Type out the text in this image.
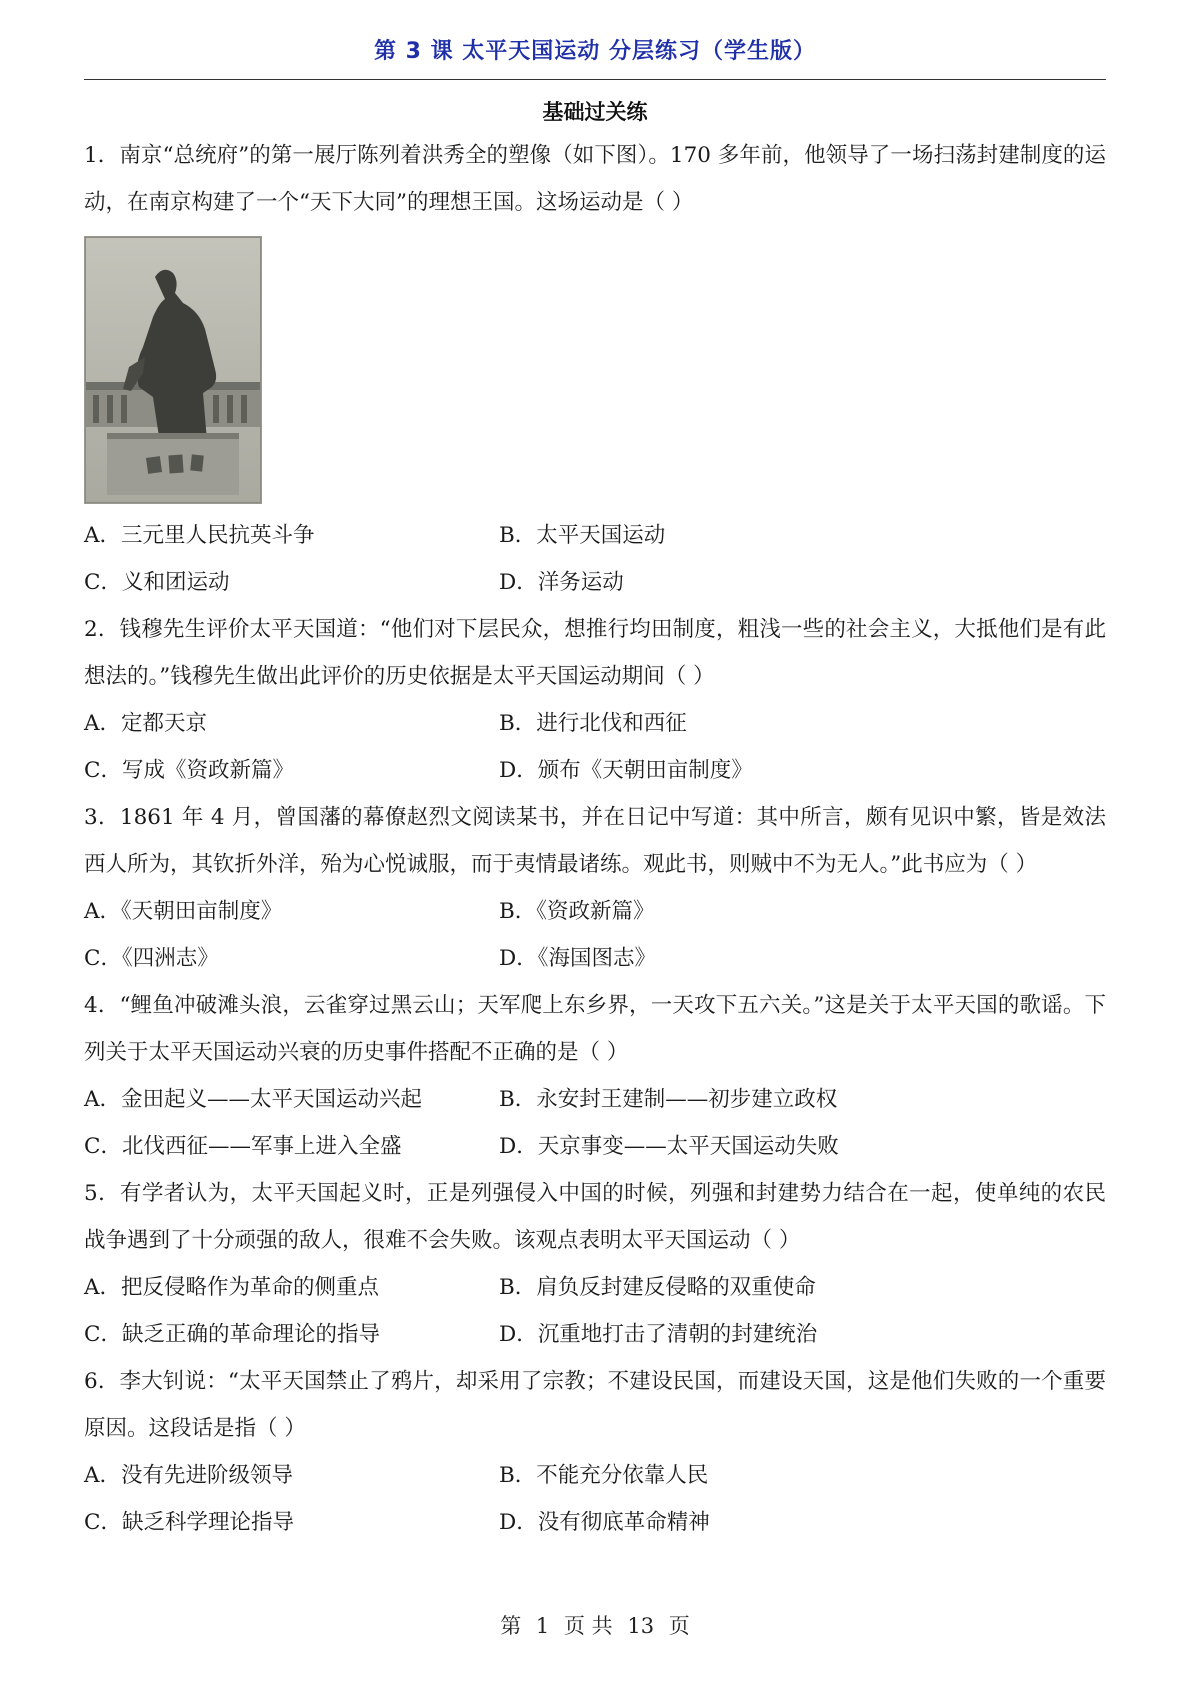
第 3 课 太平天国运动 分层练习（学生版）
基础过关练

1．南京“总统府”的第一展厅陈列着洪秀全的塑像（如下图）。170 多年前，他领导了一场扫荡封建制度的运动，在南京构建了一个“天下大同”的理想王国。这场运动是（ ）

A．三元里人民抗英斗争	B．太平天国运动
C．义和团运动	D．洋务运动

2．钱穆先生评价太平天国道：“他们对下层民众，想推行均田制度，粗浅一些的社会主义，大抵他们是有此想法的。”钱穆先生做出此评价的历史依据是太平天国运动期间（ ）

A．定都天京	B．进行北伐和西征
C．写成《资政新篇》	D．颁布《天朝田亩制度》

3．1861 年 4 月，曾国藩的幕僚赵烈文阅读某书，并在日记中写道：其中所言，颇有见识中繁，皆是效法西人所为，其钦折外洋，殆为心悦诚服，而于夷情最诸练。观此书，则贼中不为无人。”此书应为（ ）

A．《天朝田亩制度》	B．《资政新篇》
C．《四洲志》	D．《海国图志》

4．“鲤鱼冲破滩头浪，云雀穿过黑云山；天军爬上东乡界，一天攻下五六关。”这是关于太平天国的歌谣。下列关于太平天国运动兴衰的历史事件搭配不正确的是（ ）

A．金田起义——太平天国运动兴起	B．永安封王建制——初步建立政权
C．北伐西征——军事上进入全盛	D．天京事变——太平天国运动失败

5．有学者认为，太平天国起义时，正是列强侵入中国的时候，列强和封建势力结合在一起，使单纯的农民战争遇到了十分顽强的敌人，很难不会失败。该观点表明太平天国运动（ ）

A．把反侵略作为革命的侧重点	B．肩负反封建反侵略的双重使命
C．缺乏正确的革命理论的指导	D．沉重地打击了清朝的封建统治

6．李大钊说：“太平天国禁止了鸦片，却采用了宗教；不建设民国，而建设天国，这是他们失败的一个重要原因。这段话是指（ ）

A．没有先进阶级领导	B．不能充分依靠人民
C．缺乏科学理论指导	D．没有彻底革命精神
第 1 页 共 13 页
